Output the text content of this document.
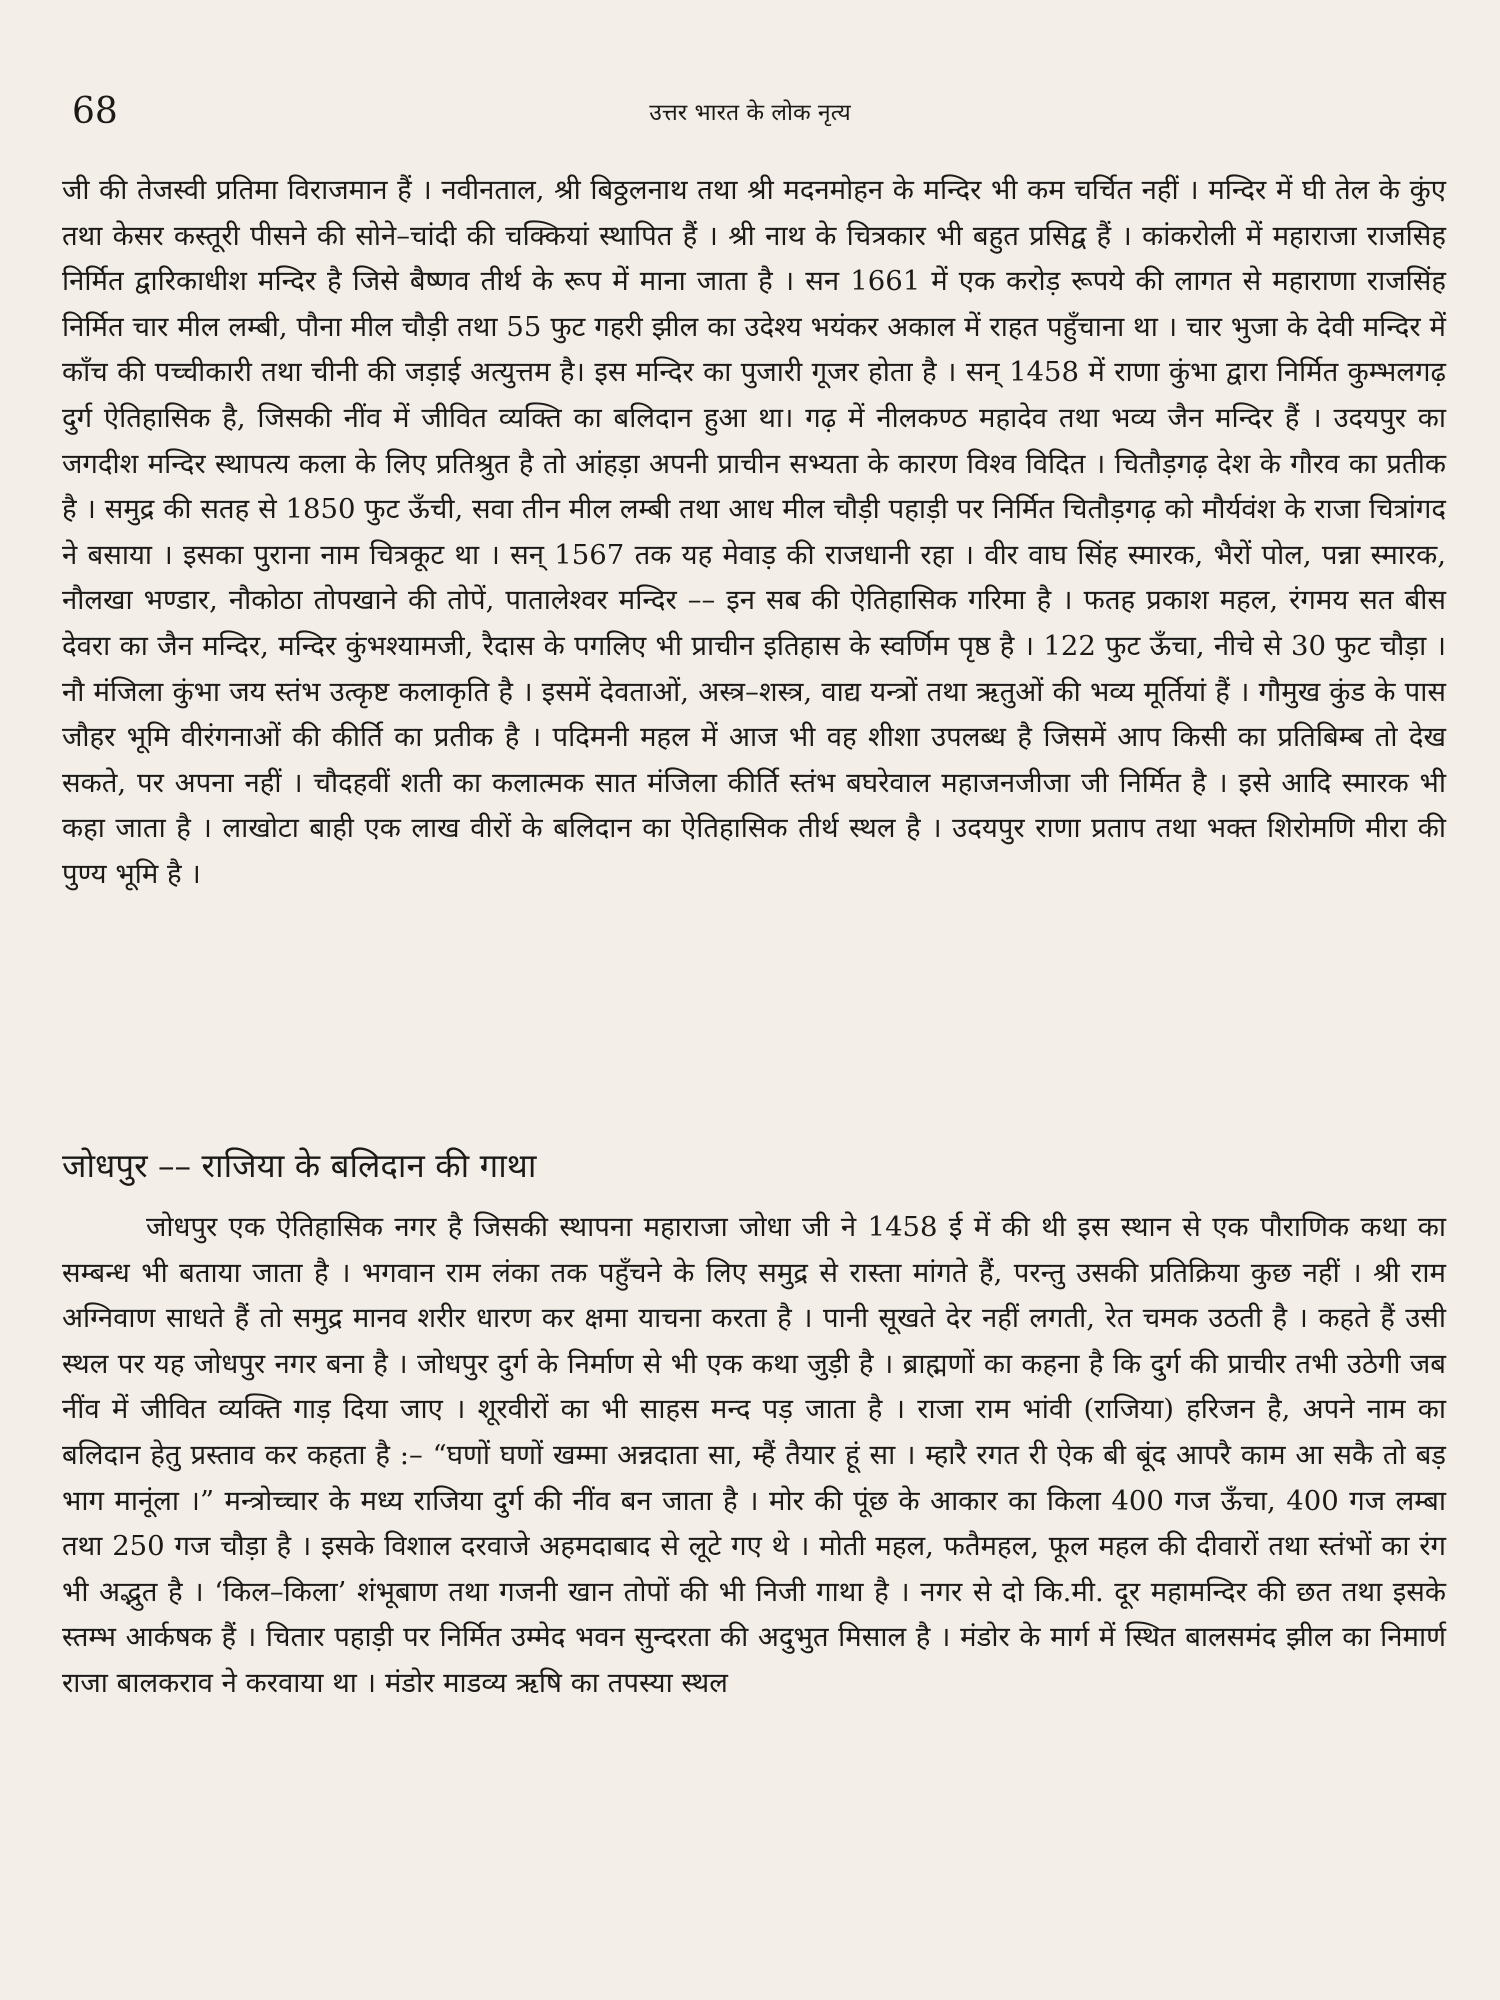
68	उत्तर भारत के लोक नृत्य

जी की तेजस्वी प्रतिमा विराजमान हैं । नवीनताल, श्री बिठ्ठलनाथ तथा श्री मदनमोहन के मन्दिर भी कम चर्चित नहीं । मन्दिर में घी तेल के कुंए तथा केसर कस्तूरी पीसने की सोने–चांदी की चक्कियां स्थापित हैं । श्री नाथ के चित्रकार भी बहुत प्रसिद्व हैं । कांकरोली में महाराजा राजसिह निर्मित द्वारिकाधीश मन्दिर है जिसे बैष्णव तीर्थ के रूप में माना जाता है । सन 1661 में एक करोड़ रूपये की लागत से महाराणा राजसिंह निर्मित चार मील लम्बी, पौना मील चौड़ी तथा 55 फुट गहरी झील का उदेश्य भयंकर अकाल में राहत पहुँचाना था । चार भुजा के देवी मन्दिर में काँच की पच्चीकारी तथा चीनी की जड़ाई अत्युत्तम है। इस मन्दिर का पुजारी गूजर होता है । सन् 1458 में राणा कुंभा द्वारा निर्मित कुम्भलगढ़ दुर्ग ऐतिहासिक है, जिसकी नींव में जीवित व्यक्ति का बलिदान हुआ था। गढ़ में नीलकण्ठ महादेव तथा भव्य जैन मन्दिर हैं । उदयपुर का जगदीश मन्दिर स्थापत्य कला के लिए प्रतिश्रुत है तो आंहड़ा अपनी प्राचीन सभ्यता के कारण विश्व विदित । चितौड़गढ़ देश के गौरव का प्रतीक है । समुद्र की सतह से 1850 फुट ऊँची, सवा तीन मील लम्बी तथा आध मील चौड़ी पहाड़ी पर निर्मित चितौड़गढ़ को मौर्यवंश के राजा चित्रांगद ने बसाया । इसका पुराना नाम चित्रकूट था । सन् 1567 तक यह मेवाड़ की राजधानी रहा । वीर वाघ सिंह स्मारक, भैरों पोल, पन्ना स्मारक, नौलखा भण्डार, नौकोठा तोपखाने की तोपें, पातालेश्वर मन्दिर –– इन सब की ऐतिहासिक गरिमा है । फतह प्रकाश महल, रंगमय सत बीस देवरा का जैन मन्दिर, मन्दिर कुंभश्यामजी, रैदास के पगलिए भी प्राचीन इतिहास के स्वर्णिम पृष्ठ है । 122 फुट ऊँचा, नीचे से 30 फुट चौड़ा । नौ मंजिला कुंभा जय स्तंभ उत्कृष्ट कलाकृति है । इसमें देवताओं, अस्त्र–शस्त्र, वाद्य यन्त्रों तथा ऋतुओं की भव्य मूर्तियां हैं । गौमुख कुंड के पास जौहर भूमि वीरंगनाओं की कीर्ति का प्रतीक है । पदिमनी महल में आज भी वह शीशा उपलब्ध है जिसमें आप किसी का प्रतिबिम्ब तो देख सकते, पर अपना नहीं । चौदहवीं शती का कलात्मक सात मंजिला कीर्ति स्तंभ बघरेवाल महाजनजीजा जी निर्मित है । इसे आदि स्मारक भी कहा जाता है । लाखोटा बाही एक लाख वीरों के बलिदान का ऐतिहासिक तीर्थ स्थल है । उदयपुर राणा प्रताप तथा भक्त शिरोमणि मीरा की पुण्य भूमि है ।

जोधपुर –– राजिया के बलिदान की गाथा

जोधपुर एक ऐतिहासिक नगर है जिसकी स्थापना महाराजा जोधा जी ने 1458 ई में की थी इस स्थान से एक पौराणिक कथा का सम्बन्ध भी बताया जाता है । भगवान राम लंका तक पहुँचने के लिए समुद्र से रास्ता मांगते हैं, परन्तु उसकी प्रतिक्रिया कुछ नहीं । श्री राम अग्निवाण साधते हैं तो समुद्र मानव शरीर धारण कर क्षमा याचना करता है । पानी सूखते देर नहीं लगती, रेत चमक उठती है । कहते हैं उसी स्थल पर यह जोधपुर नगर बना है । जोधपुर दुर्ग के निर्माण से भी एक कथा जुड़ी है । ब्राह्मणों का कहना है कि दुर्ग की प्राचीर तभी उठेगी जब नींव में जीवित व्यक्ति गाड़ दिया जाए । शूरवीरों का भी साहस मन्द पड़ जाता है । राजा राम भांवी (राजिया) हरिजन है, अपने नाम का बलिदान हेतु प्रस्ताव कर कहता है :– “घणों घणों खम्मा अन्नदाता सा, म्हैं तैयार हूं सा । म्हारै रगत री ऐक बी बूंद आपरै काम आ सकै तो बड़ भाग मानूंला ।” मन्त्रोच्चार के मध्य राजिया दुर्ग की नींव बन जाता है । मोर की पूंछ के आकार का किला 400 गज ऊँचा, 400 गज लम्बा तथा 250 गज चौड़ा है । इसके विशाल दरवाजे अहमदाबाद से लूटे गए थे । मोती महल, फतैमहल, फूल महल की दीवारों तथा स्तंभों का रंग भी अद्भुत है । ‘किल–किला’ शंभूबाण तथा गजनी खान तोपों की भी निजी गाथा है । नगर से दो कि.मी. दूर महामन्दिर की छत तथा इसके स्तम्भ आर्कषक हैं । चितार पहाड़ी पर निर्मित उम्मेद भवन सुन्दरता की अदुभुत मिसाल है । मंडोर के मार्ग में स्थित बालसमंद झील का निमार्ण राजा बालकराव ने करवाया था । मंडोर माडव्य ऋषि का तपस्या स्थल
